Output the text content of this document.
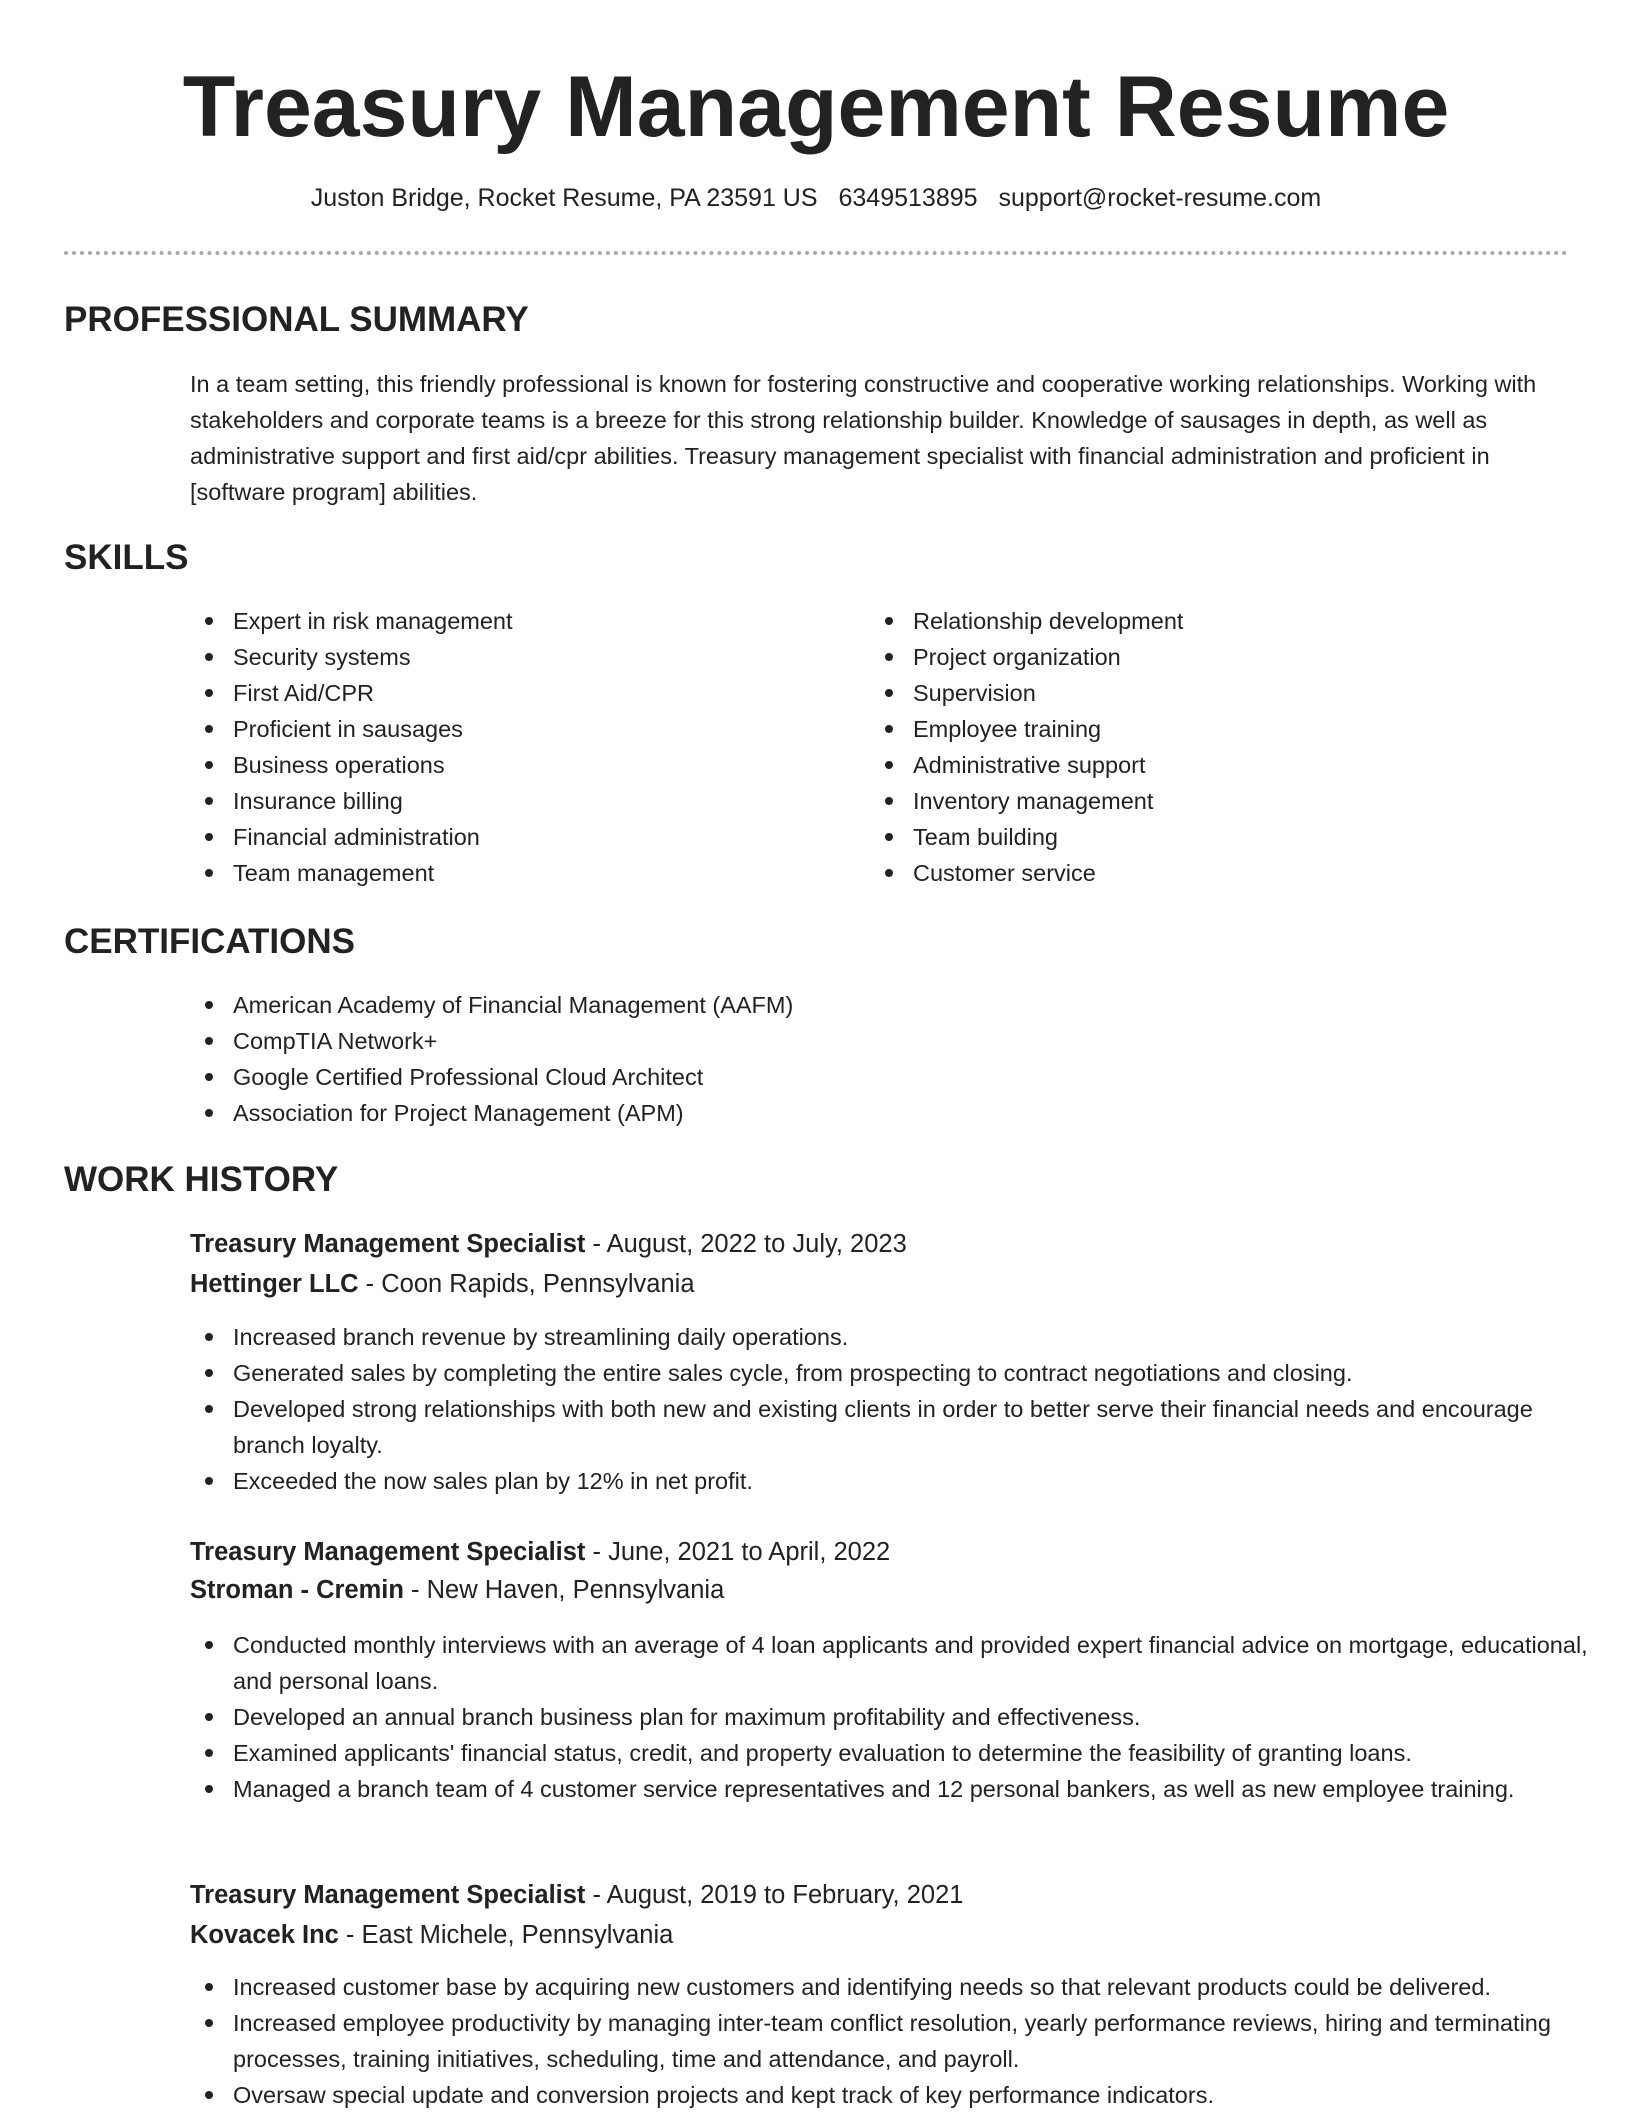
Treasury Management Resume
Juston Bridge, Rocket Resume, PA 23591 US 6349513895 support@rocket-resume.com
PROFESSIONAL SUMMARY

In a team setting, this friendly professional is known for fostering constructive and cooperative working relationships. Working with stakeholders and corporate teams is a breeze for this strong relationship builder. Knowledge of sausages in depth, as well as administrative support and first aid/cpr abilities. Treasury management specialist with financial administration and proficient in [software program] abilities.

SKILLS
Expert in risk management
Security systems
First Aid/CPR
Proficient in sausages
Business operations
Insurance billing
Financial administration
Team management
Relationship development
Project organization
Supervision
Employee training
Administrative support
Inventory management
Team building
Customer service
CERTIFICATIONS
American Academy of Financial Management (AAFM)
CompTIA Network+
Google Certified Professional Cloud Architect
Association for Project Management (APM)
WORK HISTORY
Treasury Management Specialist - August, 2022 to July, 2023
Hettinger LLC - Coon Rapids, Pennsylvania
Increased branch revenue by streamlining daily operations.
Generated sales by completing the entire sales cycle, from prospecting to contract negotiations and closing.
Developed strong relationships with both new and existing clients in order to better serve their financial needs and encourage branch loyalty.
Exceeded the now sales plan by 12% in net profit.
Treasury Management Specialist - June, 2021 to April, 2022
Stroman - Cremin - New Haven, Pennsylvania
Conducted monthly interviews with an average of 4 loan applicants and provided expert financial advice on mortgage, educational, and personal loans.
Developed an annual branch business plan for maximum profitability and effectiveness.
Examined applicants' financial status, credit, and property evaluation to determine the feasibility of granting loans.
Managed a branch team of 4 customer service representatives and 12 personal bankers, as well as new employee training.
Treasury Management Specialist - August, 2019 to February, 2021
Kovacek Inc - East Michele, Pennsylvania
Increased customer base by acquiring new customers and identifying needs so that relevant products could be delivered.
Increased employee productivity by managing inter-team conflict resolution, yearly performance reviews, hiring and terminating processes, training initiatives, scheduling, time and attendance, and payroll.
Oversaw special update and conversion projects and kept track of key performance indicators.
